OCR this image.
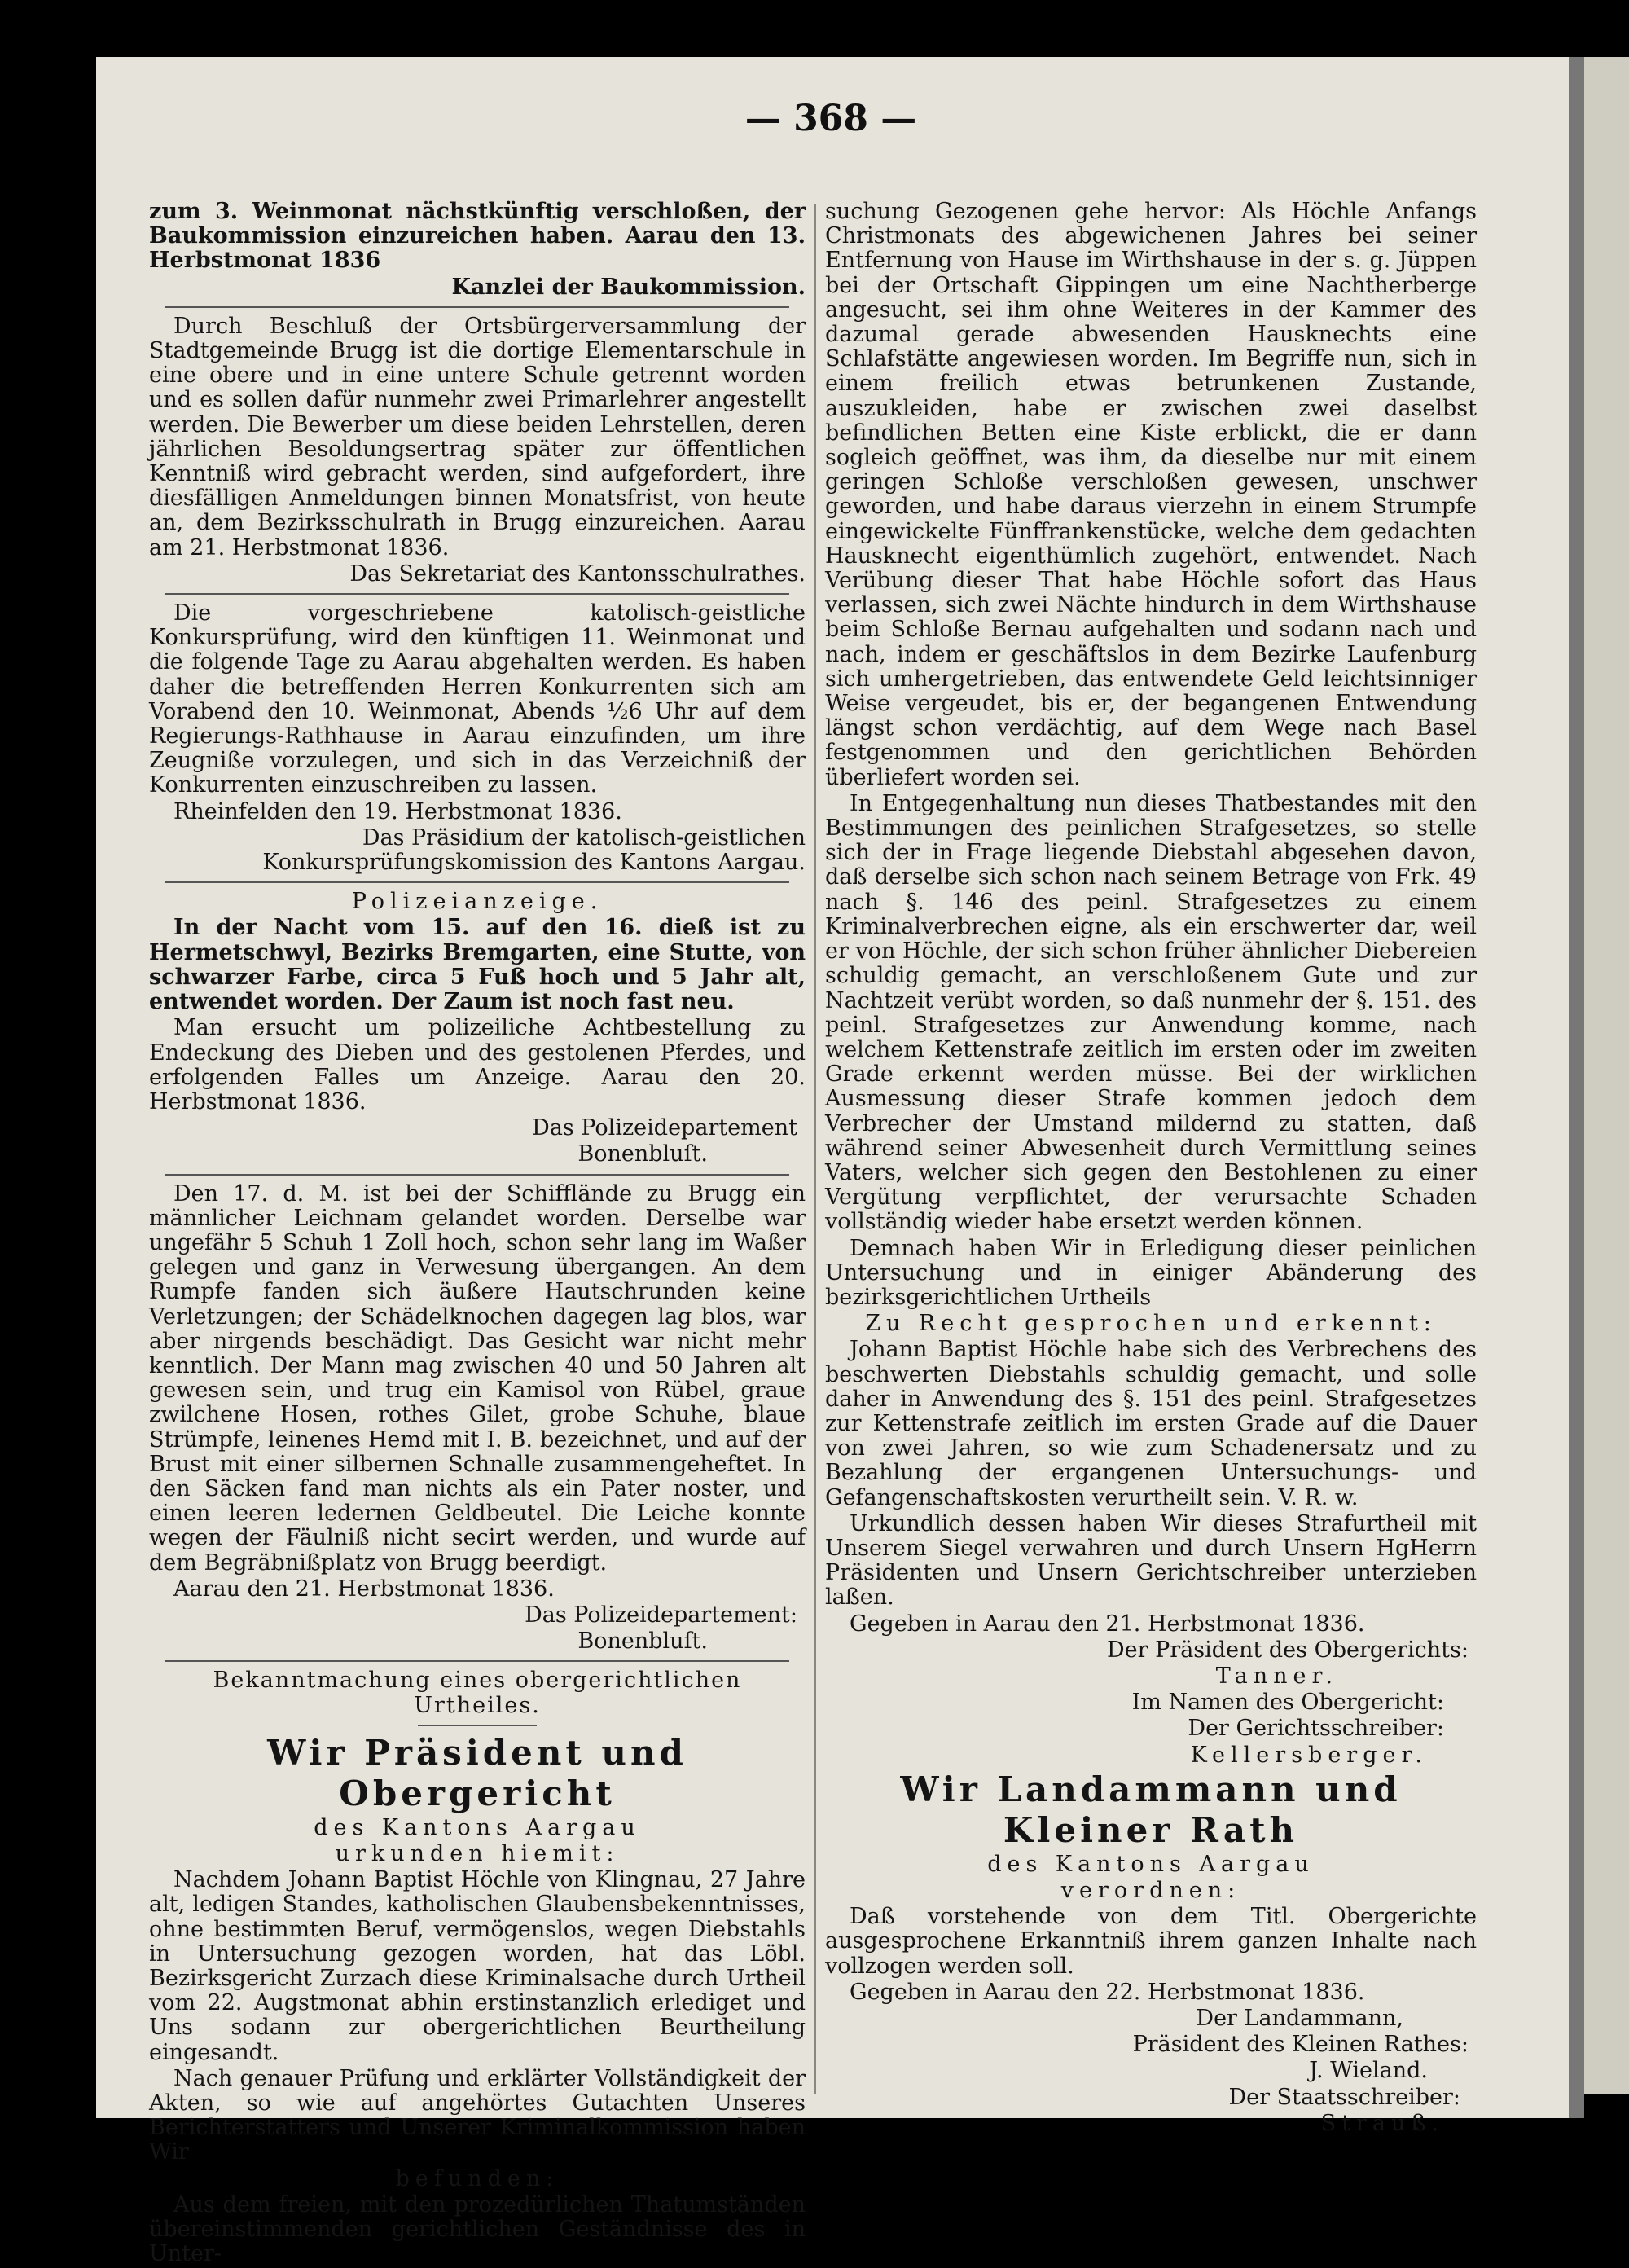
— 368 —

zum 3. Weinmonat nächstkünftig verschloßen, der Baukommission einzureichen haben. Aarau den 13. Herbstmonat 1836

Kanzlei der Baukommission.

Durch Beschluß der Ortsbürgerversammlung der Stadtgemeinde Brugg ist die dortige Elementarschule in eine obere und in eine untere Schule getrennt worden und es sollen dafür nunmehr zwei Primarlehrer angestellt werden. Die Bewerber um diese beiden Lehrstellen, deren jährlichen Besoldungsertrag später zur öffentlichen Kenntniß wird gebracht werden, sind aufgefordert, ihre diesfälligen Anmeldungen binnen Monatsfrist, von heute an, dem Bezirksschulrath in Brugg einzureichen. Aarau am 21. Herbstmonat 1836.

Das Sekretariat des Kantonsschulrathes.

Die vorgeschriebene katolisch-geistliche Konkursprüfung, wird den künftigen 11. Weinmonat und die folgende Tage zu Aarau abgehalten werden. Es haben daher die betreffenden Herren Konkurrenten sich am Vorabend den 10. Weinmonat, Abends ½6 Uhr auf dem Regierungs-Rathhause in Aarau einzufinden, um ihre Zeugniße vorzulegen, und sich in das Verzeichniß der Konkurrenten einzuschreiben zu lassen.

Rheinfelden den 19. Herbstmonat 1836.

Das Präsidium der katolisch-geistlichen Konkursprüfungskomission des Kantons Aargau.

Polizeianzeige.

In der Nacht vom 15. auf den 16. dieß ist zu Hermetschwyl, Bezirks Bremgarten, eine Stutte, von schwarzer Farbe, circa 5 Fuß hoch und 5 Jahr alt, entwendet worden. Der Zaum ist noch fast neu.

Man ersucht um polizeiliche Achtbestellung zu Endeckung des Dieben und des gestolenen Pferdes, und erfolgenden Falles um Anzeige. Aarau den 20. Herbstmonat 1836.

Das Polizeidepartement

Bonenbluſt.

Den 17. d. M. ist bei der Schiffländе zu Brugg ein männlicher Leichnam gelandet worden. Derselbe war ungefähr 5 Schuh 1 Zoll hoch, schon sehr lang im Waßer gelegen und ganz in Verwesung übergangen. An dem Rumpfe fanden sich äußere Hautschrunden keine Verletzungen; der Schädelknochen dagegen lag blos, war aber nirgends beschädigt. Das Gesicht war nicht mehr kenntlich. Der Mann mag zwischen 40 und 50 Jahren alt gewesen sein, und trug ein Kamisol von Rübel, graue zwilchene Hosen, rothes Gilet, grobe Schuhe, blaue Strümpfe, leinenes Hemd mit I. B. bezeichnet, und auf der Brust mit einer silbernen Schnalle zusammengeheftet. In den Säcken fand man nichts als ein Pater noster, und einen leeren ledernen Geldbeutel. Die Leiche konnte wegen der Fäulniß nicht secirt werden, und wurde auf dem Begräbnißplatz von Brugg beerdigt.

Aarau den 21. Herbstmonat 1836.

Das Polizeidepartement:

Bonenbluſt.

Bekanntmachung eines obergerichtlichen Urtheiles.

Wir Präsident und Obergericht

des Kantons Aargau

urkunden hiemit:

Nachdem Johann Baptist Höchle von Klingnau, 27 Jahre alt, ledigen Standes, katholischen Glaubensbekenntnisses, ohne bestimmten Beruf, vermögenslos, wegen Diebstahls in Untersuchung gezogen worden, hat das Löbl. Bezirksgericht Zurzach diese Kriminalsache durch Urtheil vom 22. Augstmonat abhin erstinstanzlich erlediget und Uns sodann zur obergerichtlichen Beurtheilung eingesandt.

Nach genauer Prüfung und erklärter Vollständigkeit der Akten, so wie auf angehörtes Gutachten Unseres Berichterstatters und Unserer Kriminalkommission haben Wir

befunden:

Aus dem freien, mit den prozedürlichen Thatumständen übereinstimmenden gerichtlichen Geständnisse des in Unter-

suchung Gezogenen gehe hervor: Als Höchle Anfangs Christmonats des abgewichenen Jahres bei seiner Entfernung von Hause im Wirthshause in der s. g. Jüppen bei der Ortschaft Gippingen um eine Nachtherberge angesucht, sei ihm ohne Weiteres in der Kammer des dazumal gerade abwesenden Hausknechts eine Schlafstätte angewiesen worden. Im Begriffe nun, sich in einem freilich etwas betrunkenen Zustande, auszukleiden, habe er zwischen zwei daselbst befindlichen Betten eine Kiste erblickt, die er dann sogleich geöffnet, was ihm, da dieselbe nur mit einem geringen Schloße verschloßen gewesen, unschwer geworden, und habe daraus vierzehn in einem Strumpfe eingewickelte Fünffrankenstücke, welche dem gedachten Hausknecht eigenthümlich zugehört, entwendet. Nach Verübung dieser That habe Höchle sofort das Haus verlassen, sich zwei Nächte hindurch in dem Wirthshause beim Schloße Bernau aufgehalten und sodann nach und nach, indem er geschäftslos in dem Bezirke Laufenburg sich umhergetrieben, das entwendete Geld leichtsinniger Weise vergeudet, bis er, der begangenen Entwendung längst schon verdächtig, auf dem Wege nach Basel festgenommen und den gerichtlichen Behörden überliefert worden sei.

In Entgegenhaltung nun dieses Thatbestandes mit den Bestimmungen des peinlichen Strafgesetzes, so stelle sich der in Frage liegende Diebstahl abgesehen davon, daß derselbe sich schon nach seinem Betrage von Frk. 49 nach §. 146 des peinl. Strafgesetzes zu einem Kriminalverbrechen eigne, als ein erschwerter dar, weil er von Höchle, der sich schon früher ähnlicher Diebereien schuldig gemacht, an verschloßenem Gute und zur Nachtzeit verübt worden, so daß nunmehr der §. 151. des peinl. Strafgesetzes zur Anwendung komme, nach welchem Kettenstrafe zeitlich im ersten oder im zweiten Grade erkennt werden müsse. Bei der wirklichen Ausmessung dieser Strafe kommen jedoch dem Verbrecher der Umstand mildernd zu statten, daß während seiner Abwesenheit durch Vermittlung seines Vaters, welcher sich gegen den Bestohlenen zu einer Vergütung verpflichtet, der verursachte Schaden vollständig wieder habe ersetzt werden können.

Demnach haben Wir in Erledigung dieser peinlichen Untersuchung und in einiger Abänderung des bezirksgerichtlichen Urtheils

Zu Recht gesprochen und erkennt:

Johann Baptist Höchle habe sich des Verbrechens des beschwerten Diebstahls schuldig gemacht, und solle daher in Anwendung des §. 151 des peinl. Strafgesetzes zur Kettenstrafe zeitlich im ersten Grade auf die Dauer von zwei Jahren, so wie zum Schadenersatz und zu Bezahlung der ergangenen Untersuchungs- und Gefangenschaftskosten verurtheilt sein. V. R. w.

Urkundlich dessen haben Wir dieses Strafurtheil mit Unserem Siegel verwahren und durch Unsern HgHerrn Präsidenten und Unsern Gerichtschreiber unterzieben laßen.

Gegeben in Aarau den 21. Herbstmonat 1836.

Der Präsident des Obergerichts:

Tanner.

Im Namen des Obergericht:

Der Gerichtsschreiber:

Kellersberger.

Wir Landammann und Kleiner Rath

des Kantons Aargau

verordnen:

Daß vorstehende von dem Titl. Obergerichte ausgesprochene Erkanntniß ihrem ganzen Inhalte nach vollzogen werden soll.

Gegeben in Aarau den 22. Herbstmonat 1836.

Der Landammann,

Präsident des Kleinen Rathes:

J. Wieland.

Der Staatsschreiber:

Strauß.
